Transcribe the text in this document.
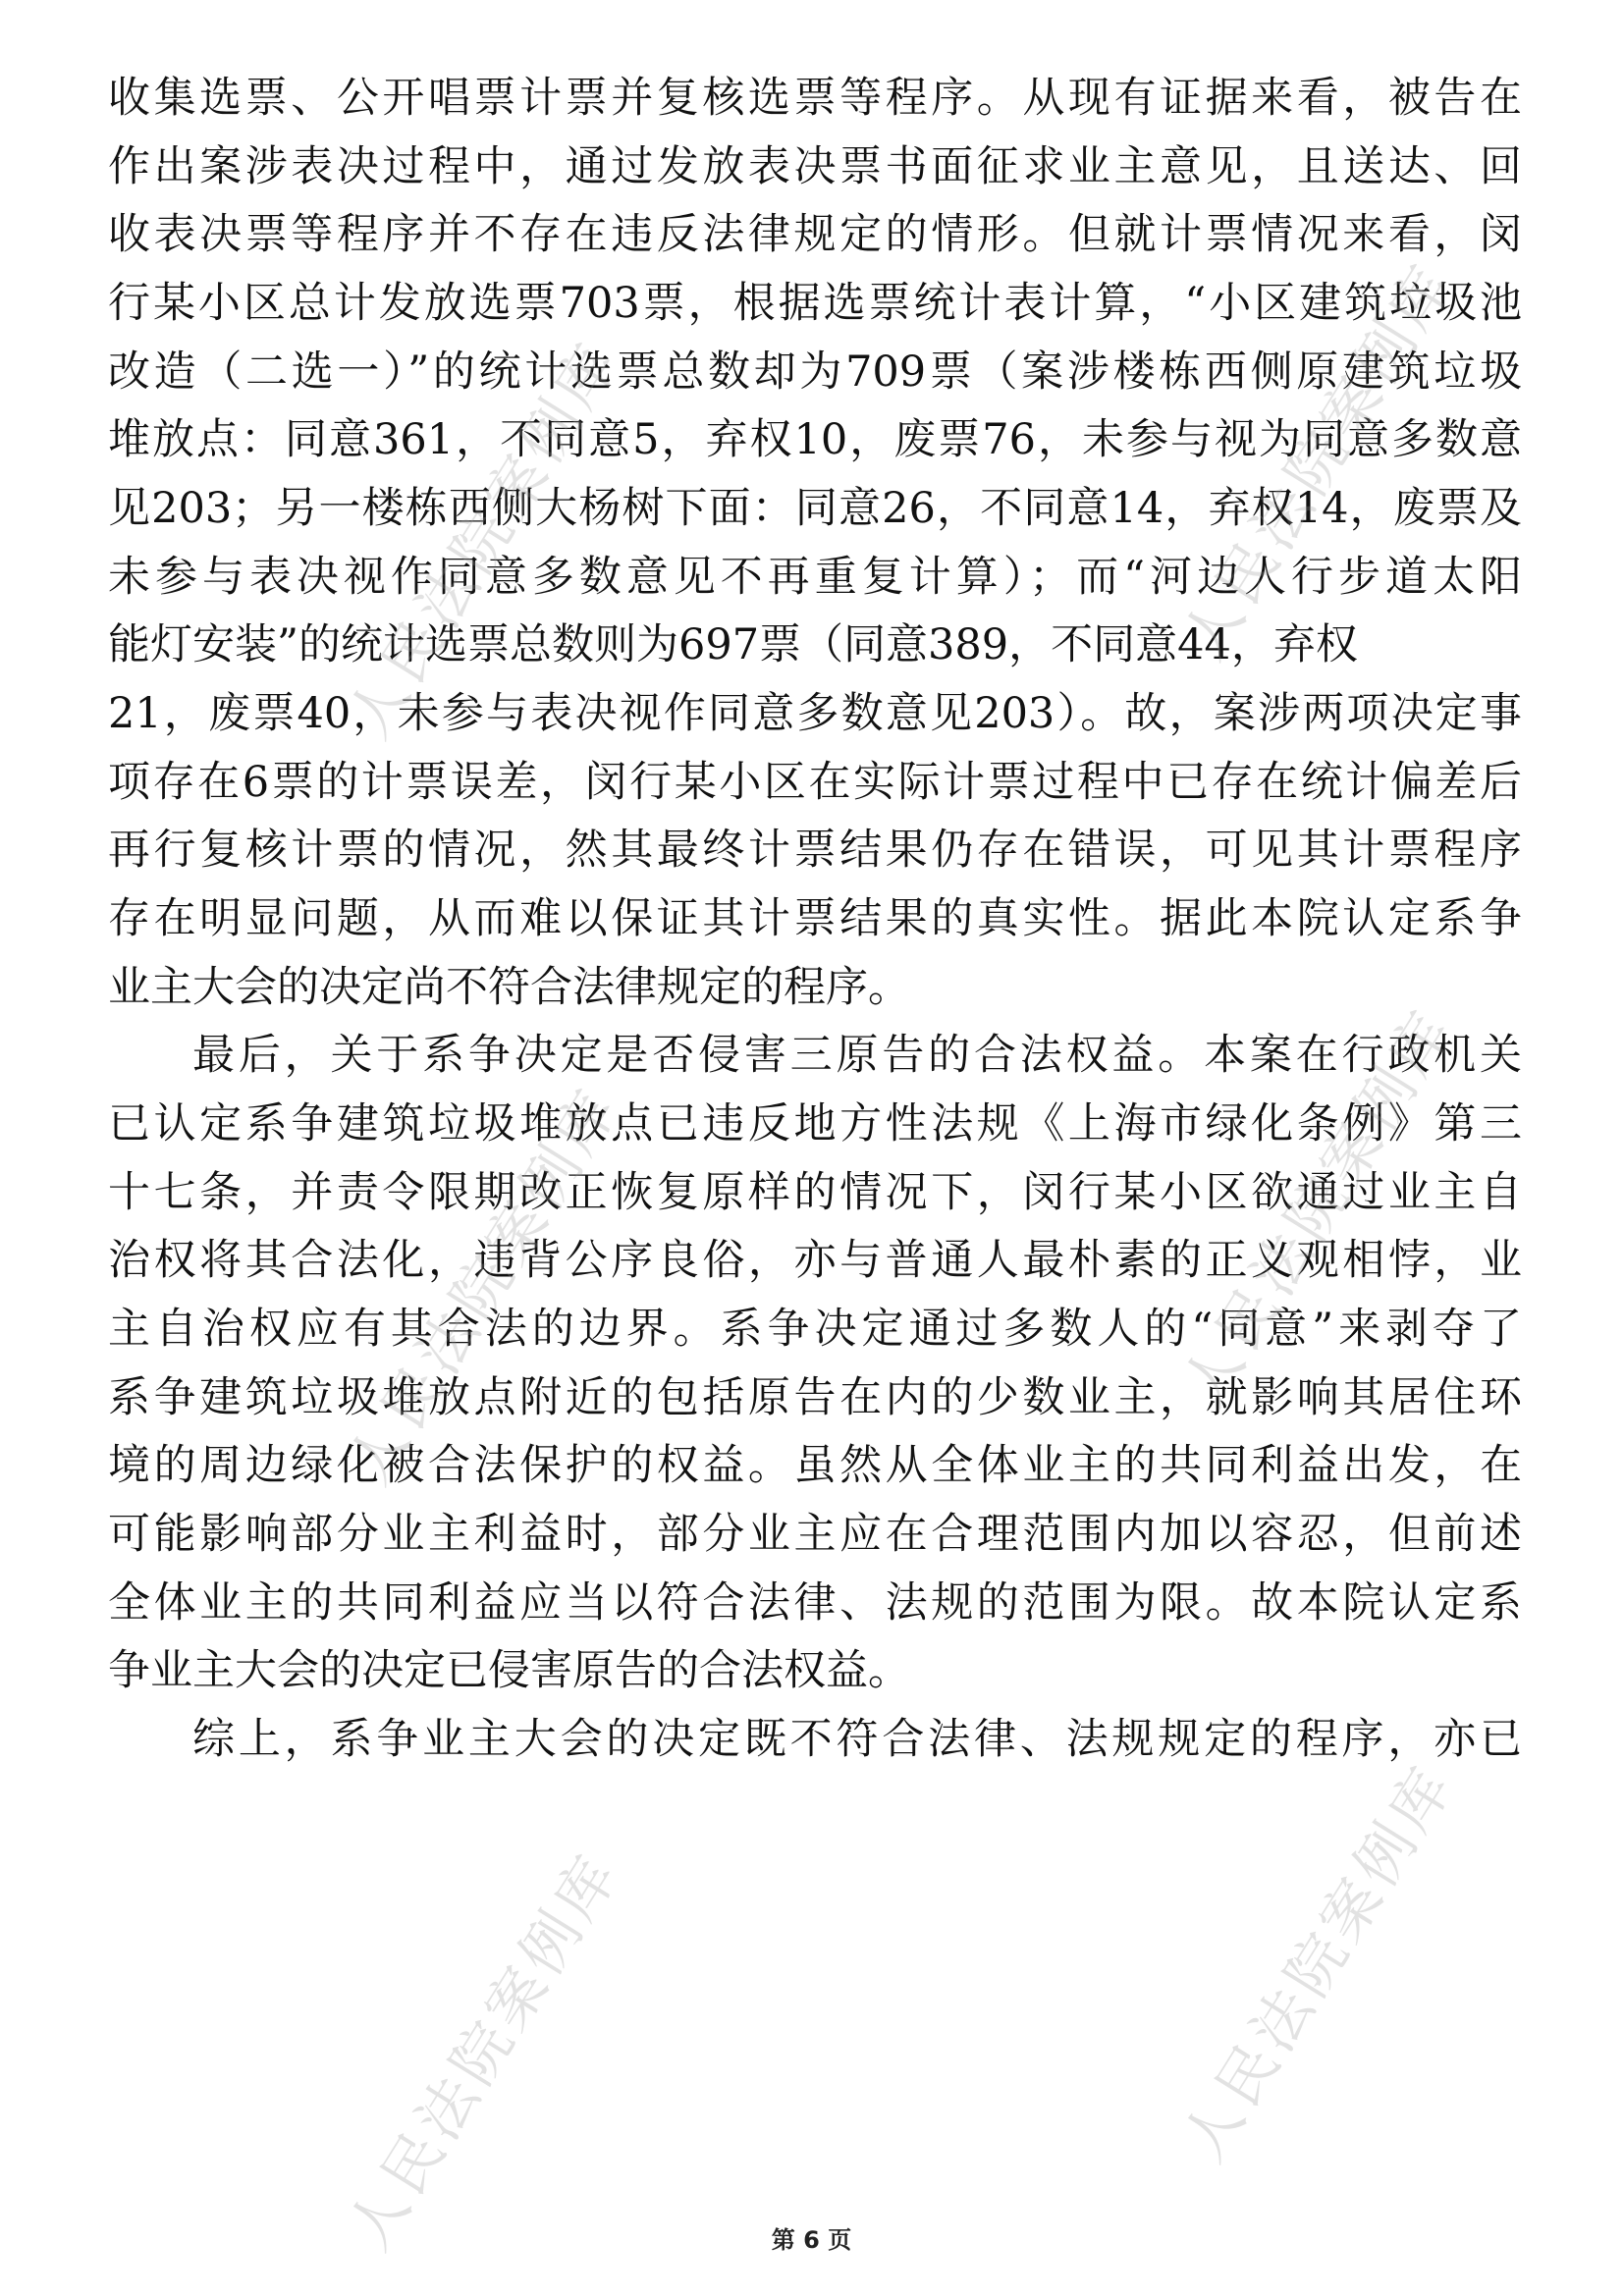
收集选票、公开唱票计票并复核选票等程序。从现有证据来看，被告在
作出案涉表决过程中，通过发放表决票书面征求业主意见，且送达、回
收表决票等程序并不存在违反法律规定的情形。但就计票情况来看，闵
行某小区总计发放选票703票，根据选票统计表计算，“小区建筑垃圾池
改造（二选一）”的统计选票总数却为709票（案涉楼栋西侧原建筑垃圾
堆放点：同意361，不同意5，弃权10，废票76，未参与视为同意多数意
见203；另一楼栋西侧大杨树下面：同意26，不同意14，弃权14，废票及
未参与表决视作同意多数意见不再重复计算）；而“河边人行步道太阳
能灯安装”的统计选票总数则为697票（同意389，不同意44，弃权
21，废票40，未参与表决视作同意多数意见203）。故，案涉两项决定事
项存在6票的计票误差，闵行某小区在实际计票过程中已存在统计偏差后
再行复核计票的情况，然其最终计票结果仍存在错误，可见其计票程序
存在明显问题，从而难以保证其计票结果的真实性。据此本院认定系争
业主大会的决定尚不符合法律规定的程序。
最后，关于系争决定是否侵害三原告的合法权益。本案在行政机关
已认定系争建筑垃圾堆放点已违反地方性法规《上海市绿化条例》第三
十七条，并责令限期改正恢复原样的情况下，闵行某小区欲通过业主自
治权将其合法化，违背公序良俗，亦与普通人最朴素的正义观相悖，业
主自治权应有其合法的边界。系争决定通过多数人的“同意”来剥夺了
系争建筑垃圾堆放点附近的包括原告在内的少数业主，就影响其居住环
境的周边绿化被合法保护的权益。虽然从全体业主的共同利益出发，在
可能影响部分业主利益时，部分业主应在合理范围内加以容忍，但前述
全体业主的共同利益应当以符合法律、法规的范围为限。故本院认定系
争业主大会的决定已侵害原告的合法权益。
综上，系争业主大会的决定既不符合法律、法规规定的程序，亦已
人民法院案例库
人民法院案例库
人民法院案例库
人民法院案例库
人民法院案例库
人民法院案例库
第 6 页
